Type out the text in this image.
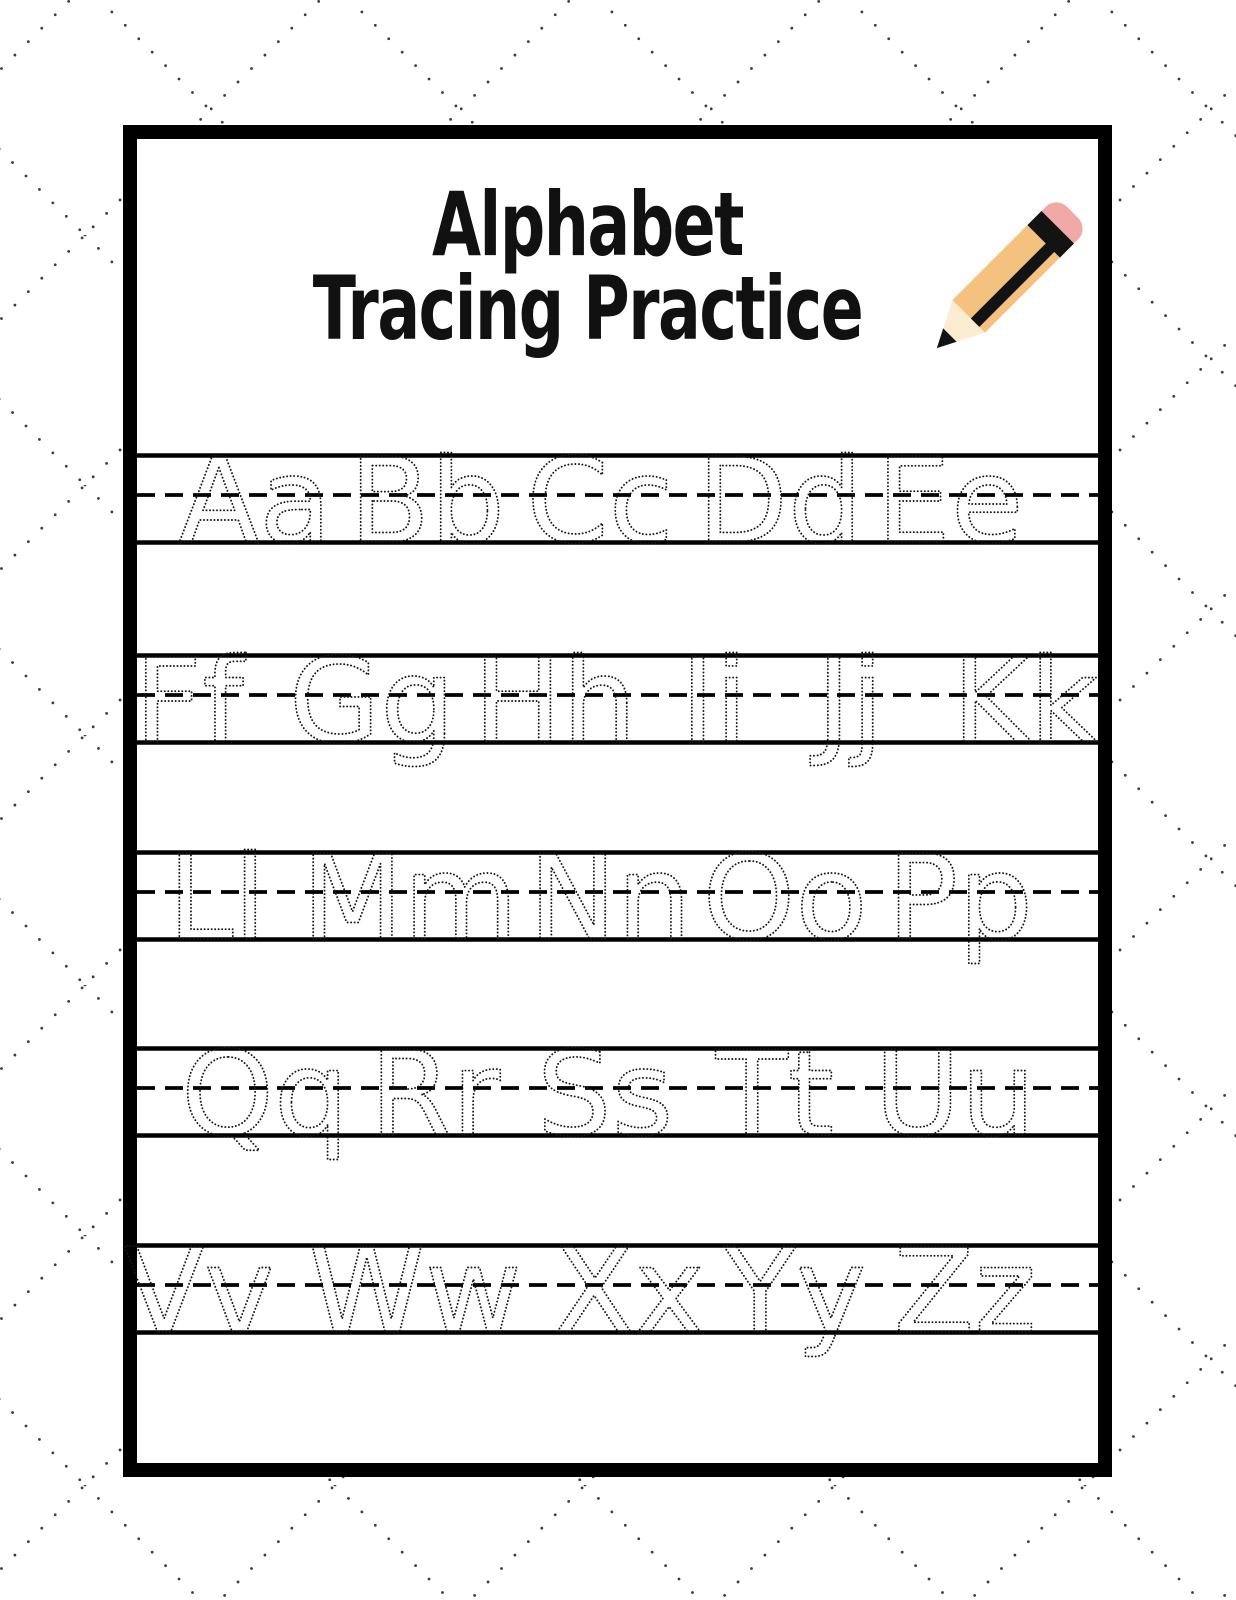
Alphabet
Tracing Practice
Aa Bb Cc Dd Ee
Ff Gg Hh Ii Jj Kk
Ll Mm Nn Oo Pp
Qq Rr Ss Tt Uu
Vv Ww Xx Yy Zz
